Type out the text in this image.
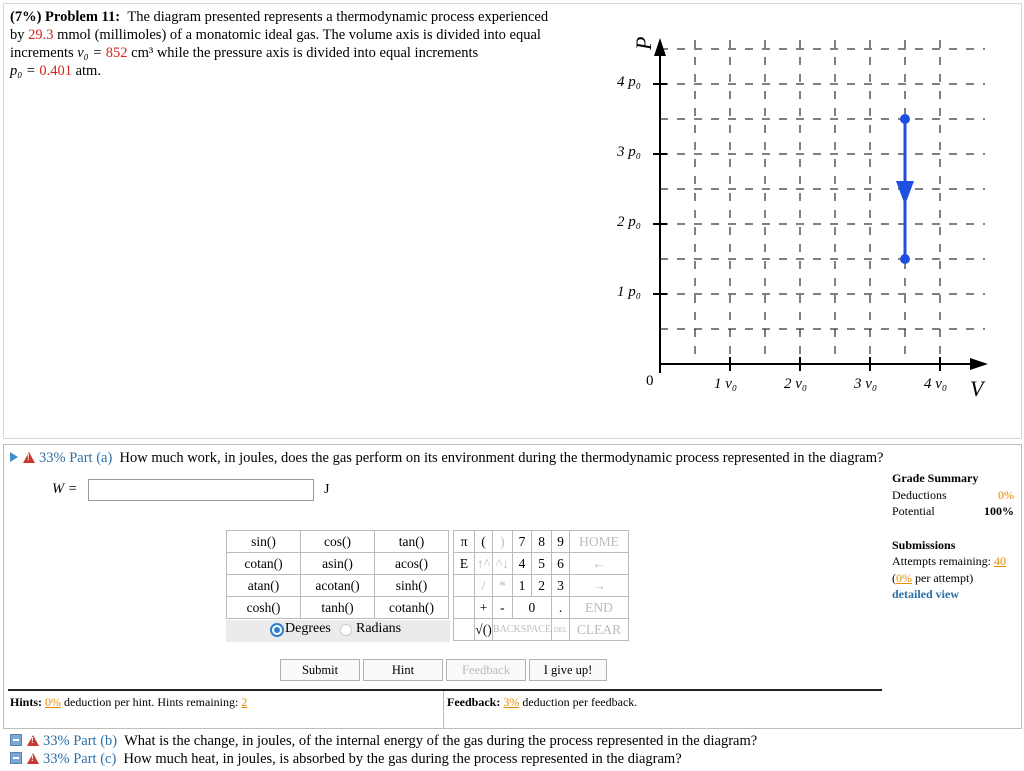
(7%) Problem 11: The diagram presented represents a thermodynamic process experienced
by 29.3 mmol (millimoles) of a monatomic ideal gas. The volume axis is divided into equal
increments v₀ = 852 cm³ while the pressure axis is divided into equal increments
p₀ = 0.401 atm.
P
V
0
1 p₀
2 p₀
3 p₀
4 p₀
1 v₀	2 v₀	3 v₀	4 v₀
!33% Part (a) How much work, in joules, does the gas perform on its environment during the thermodynamic process represented in the diagram?
W =	J
Grade Summary
Deductions	0%
Potential	100%
Submissions
Attempts remaining: 40
(0% per attempt)
detailed view
sin()	cos()	tan()
cotan()	asin()	acos()
atan()	acotan()	sinh()
cosh()	tanh()	cotanh()
Degrees Radians
π	(	)	7	8	9	HOME
E	↑^	^↓	4	5	6	←
	/	*	1	2	3	→
	+	-	0		.	END
	√()	BACKSPACE			DEL	CLEAR
Submit	Hint	Feedback	I give up!
Hints: 0% deduction per hint. Hints remaining: 2	Feedback: 3% deduction per feedback.
!33% Part (b) What is the change, in joules, of the internal energy of the gas during the process represented in the diagram?
!33% Part (c) How much heat, in joules, is absorbed by the gas during the process represented in the diagram?
